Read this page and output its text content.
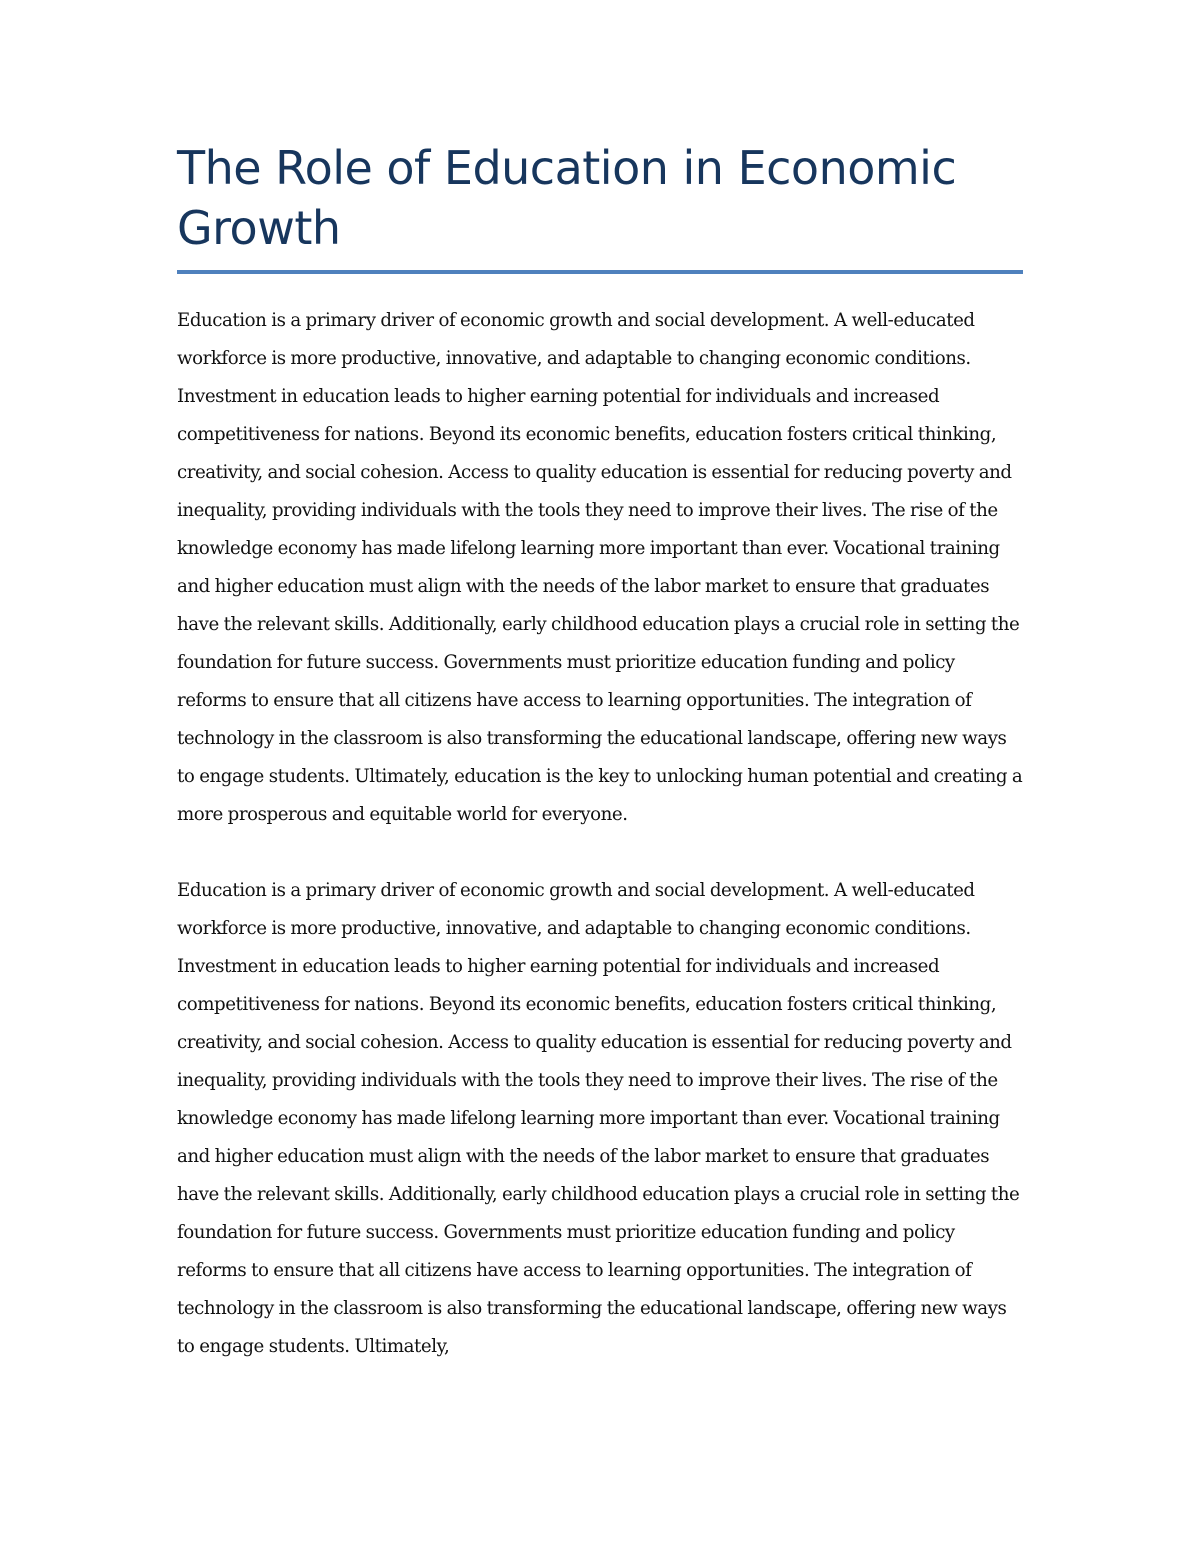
The Role of Education in Economic Growth

Education is a primary driver of economic growth and social development. A well-educated workforce is more productive, innovative, and adaptable to changing economic conditions. Investment in education leads to higher earning potential for individuals and increased competitiveness for nations. Beyond its economic benefits, education fosters critical thinking, creativity, and social cohesion. Access to quality education is essential for reducing poverty and inequality, providing individuals with the tools they need to improve their lives. The rise of the knowledge economy has made lifelong learning more important than ever. Vocational training and higher education must align with the needs of the labor market to ensure that graduates have the relevant skills. Additionally, early childhood education plays a crucial role in setting the foundation for future success. Governments must prioritize education funding and policy reforms to ensure that all citizens have access to learning opportunities. The integration of technology in the classroom is also transforming the educational landscape, offering new ways to engage students. Ultimately, education is the key to unlocking human potential and creating a more prosperous and equitable world for everyone.

Education is a primary driver of economic growth and social development. A well-educated workforce is more productive, innovative, and adaptable to changing economic conditions. Investment in education leads to higher earning potential for individuals and increased competitiveness for nations. Beyond its economic benefits, education fosters critical thinking, creativity, and social cohesion. Access to quality education is essential for reducing poverty and inequality, providing individuals with the tools they need to improve their lives. The rise of the knowledge economy has made lifelong learning more important than ever. Vocational training and higher education must align with the needs of the labor market to ensure that graduates have the relevant skills. Additionally, early childhood education plays a crucial role in setting the foundation for future success. Governments must prioritize education funding and policy reforms to ensure that all citizens have access to learning opportunities. The integration of technology in the classroom is also transforming the educational landscape, offering new ways to engage students. Ultimately,
